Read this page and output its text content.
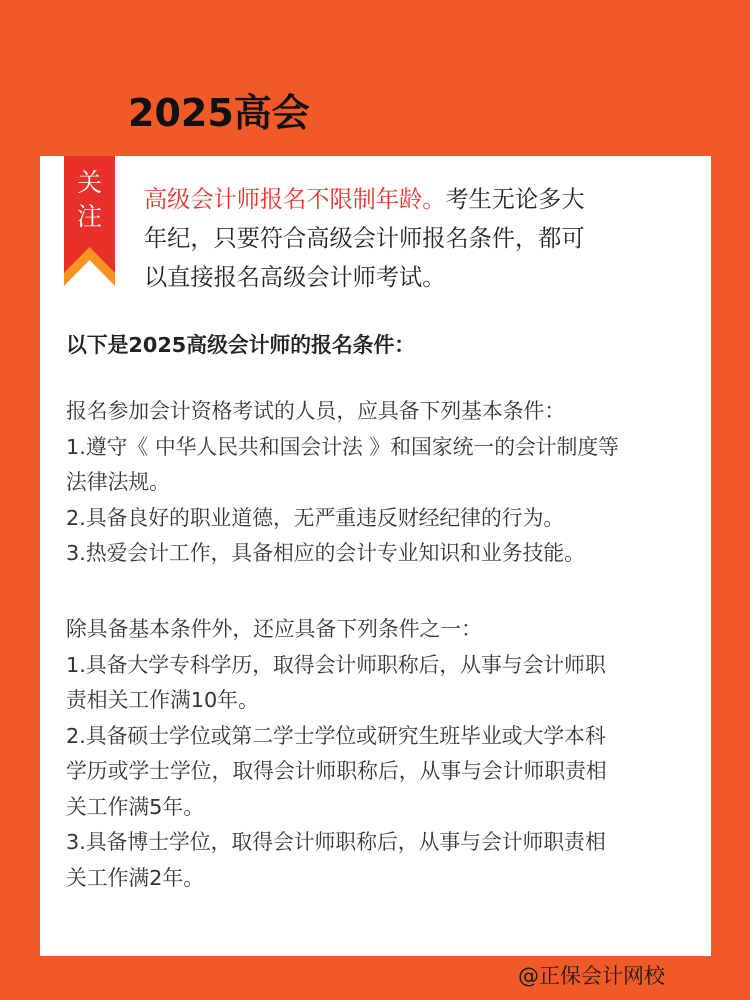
2025高会
关
注
高级会计师报名不限制年龄。考生无论多大
年纪，只要符合高级会计师报名条件，都可
以直接报名高级会计师考试。
以下是2025高级会计师的报名条件：

报名参加会计资格考试的人员，应具备下列基本条件：

1.遵守《 中华人民共和国会计法 》和国家统一的会计制度等

法律法规。

2.具备良好的职业道德，无严重违反财经纪律的行为。

3.热爱会计工作，具备相应的会计专业知识和业务技能。

除具备基本条件外，还应具备下列条件之一：

1.具备大学专科学历，取得会计师职称后，从事与会计师职

责相关工作满10年。

2.具备硕士学位或第二学士学位或研究生班毕业或大学本科

学历或学士学位，取得会计师职称后，从事与会计师职责相

关工作满5年。

3.具备博士学位，取得会计师职称后，从事与会计师职责相

关工作满2年。

@正保会计网校
